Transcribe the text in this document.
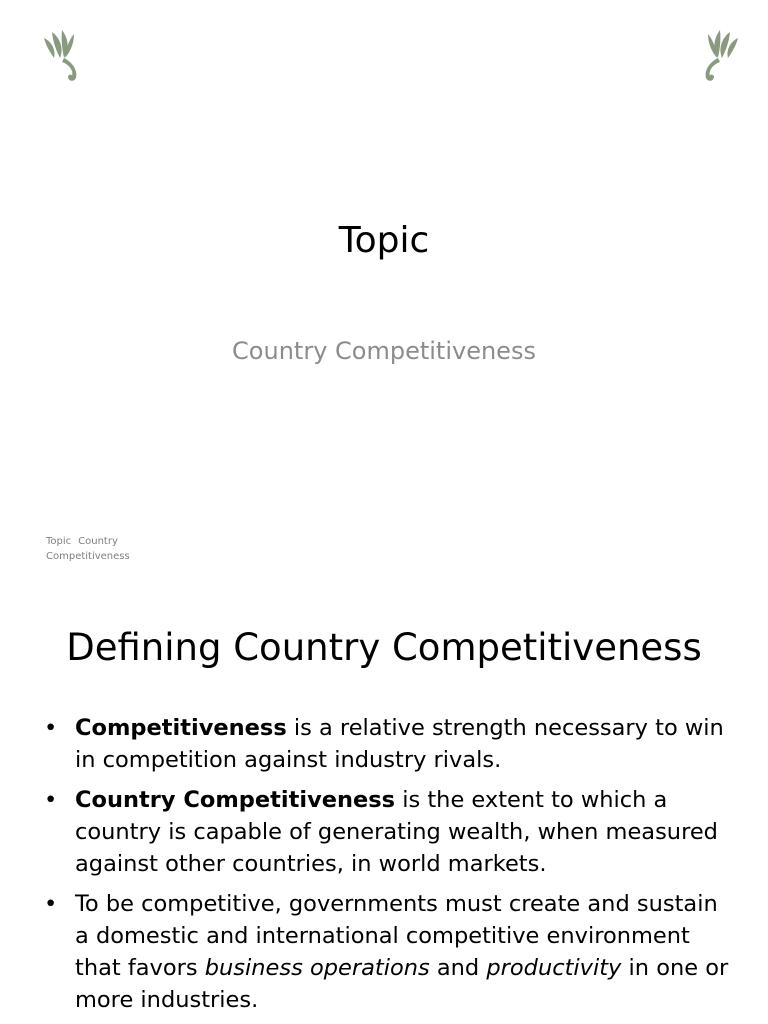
Topic

Country Competitiveness

Topic Country
Competitiveness
Defining Country Competitiveness
• Competitiveness is a relative strength necessary to win in competition against industry rivals.
• Country Competitiveness is the extent to which a country is capable of generating wealth, when measured against other countries, in world markets.
• To be competitive, governments must create and sustain a domestic and international competitive environment that favors business operations and productivity in one or more industries.
